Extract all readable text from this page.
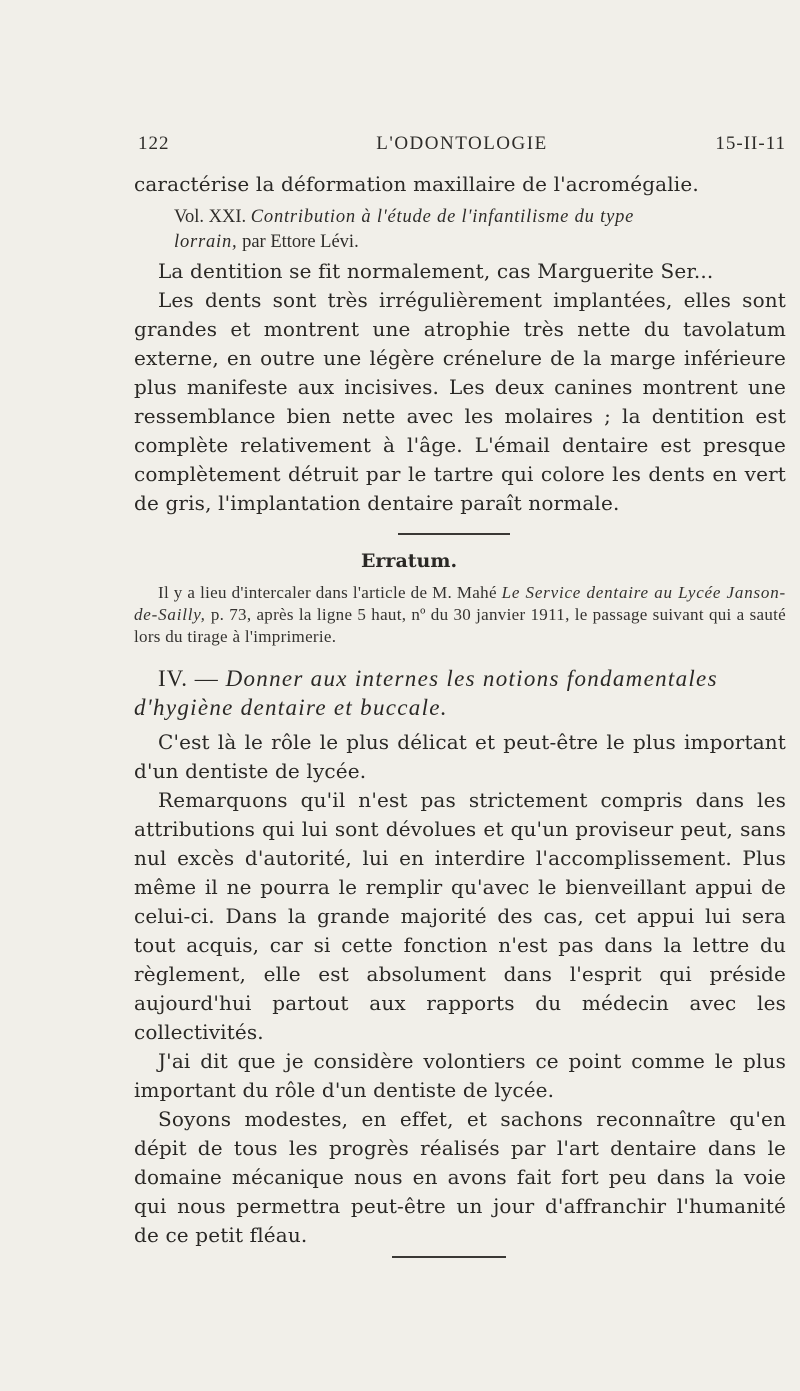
122	L'ODONTOLOGIE	15-II-11

caractérise la déformation maxillaire de l'acromégalie.

Vol. XXI. Contribution à l'étude de l'infantilisme du type
lorrain, par Ettore Lévi.

La dentition se fit normalement, cas Marguerite Ser...

Les dents sont très irrégulièrement implantées, elles sont grandes et montrent une atrophie très nette du tavolatum externe, en outre une légère crénelure de la marge inférieure plus manifeste aux incisives. Les deux canines montrent une ressemblance bien nette avec les molaires ; la dentition est complète relativement à l'âge. L'émail dentaire est presque complètement détruit par le tartre qui colore les dents en vert de gris, l'implantation dentaire paraît normale.

Erratum.

Il y a lieu d'intercaler dans l'article de M. Mahé Le Service dentaire au Lycée Janson-de-Sailly, p. 73, après la ligne 5 haut, nº du 30 janvier 1911, le passage suivant qui a sauté lors du tirage à l'imprimerie.

IV. — Donner aux internes les notions fondamentales d'hygiène dentaire et buccale.

C'est là le rôle le plus délicat et peut-être le plus important d'un dentiste de lycée.

Remarquons qu'il n'est pas strictement compris dans les attributions qui lui sont dévolues et qu'un proviseur peut, sans nul excès d'autorité, lui en interdire l'accomplissement. Plus même il ne pourra le remplir qu'avec le bienveillant appui de celui-ci. Dans la grande majorité des cas, cet appui lui sera tout acquis, car si cette fonction n'est pas dans la lettre du règlement, elle est absolument dans l'esprit qui préside aujourd'hui partout aux rapports du médecin avec les collectivités.

J'ai dit que je considère volontiers ce point comme le plus important du rôle d'un dentiste de lycée.

Soyons modestes, en effet, et sachons reconnaître qu'en dépit de tous les progrès réalisés par l'art dentaire dans le domaine mécanique nous en avons fait fort peu dans la voie qui nous permettra peut-être un jour d'affranchir l'humanité de ce petit fléau.
